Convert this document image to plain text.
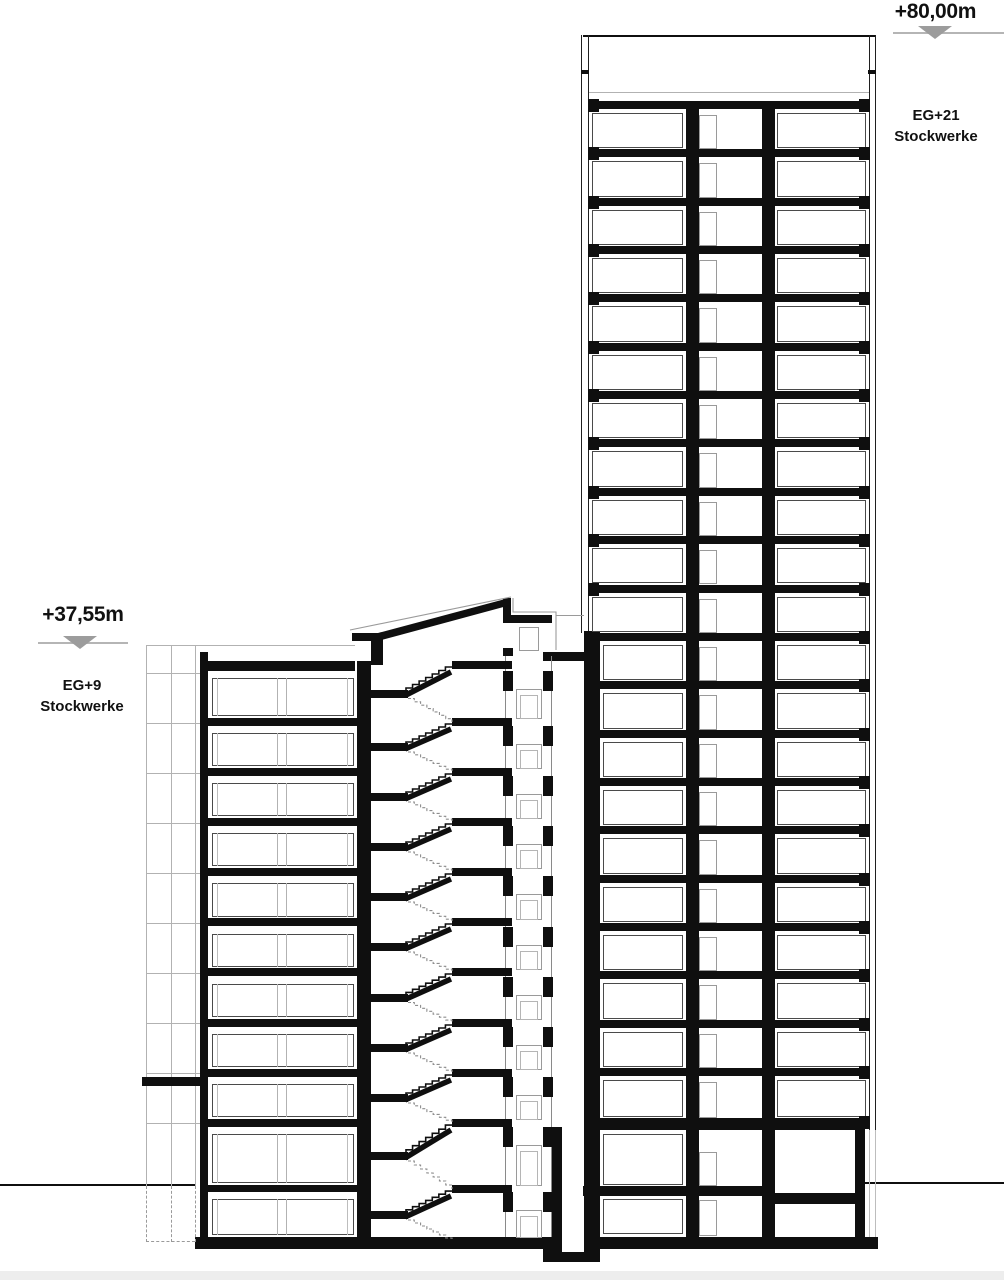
+80,00m
EG+21
Stockwerke
+37,55m
EG+9
Stockwerke
